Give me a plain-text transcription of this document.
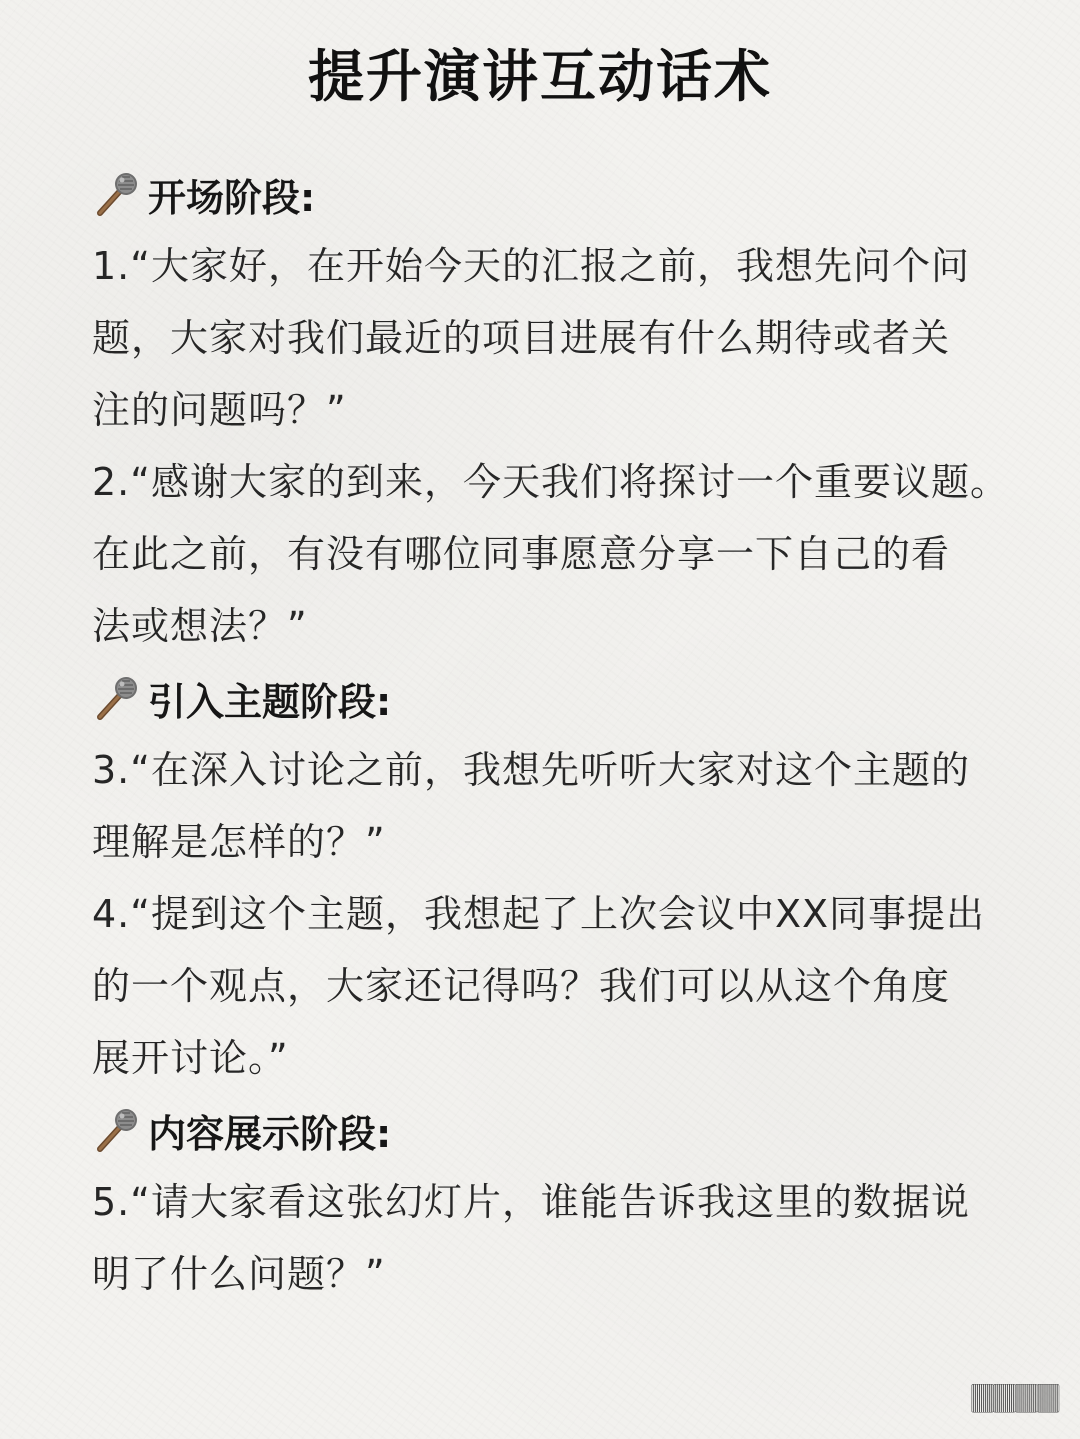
提升演讲互动话术
开场阶段:

1.“大家好，在开始今天的汇报之前，我想先问个问

题，大家对我们最近的项目进展有什么期待或者关

注的问题吗？”

2.“感谢大家的到来，今天我们将探讨一个重要议题。

在此之前，有没有哪位同事愿意分享一下自己的看

法或想法？”

引入主题阶段:

3.“在深入讨论之前，我想先听听大家对这个主题的

理解是怎样的？”

4.“提到这个主题，我想起了上次会议中XX同事提出

的一个观点，大家还记得吗？我们可以从这个角度

展开讨论。”

内容展示阶段:

5.“请大家看这张幻灯片，谁能告诉我这里的数据说

明了什么问题？”

🀫🀫🀫🀫
